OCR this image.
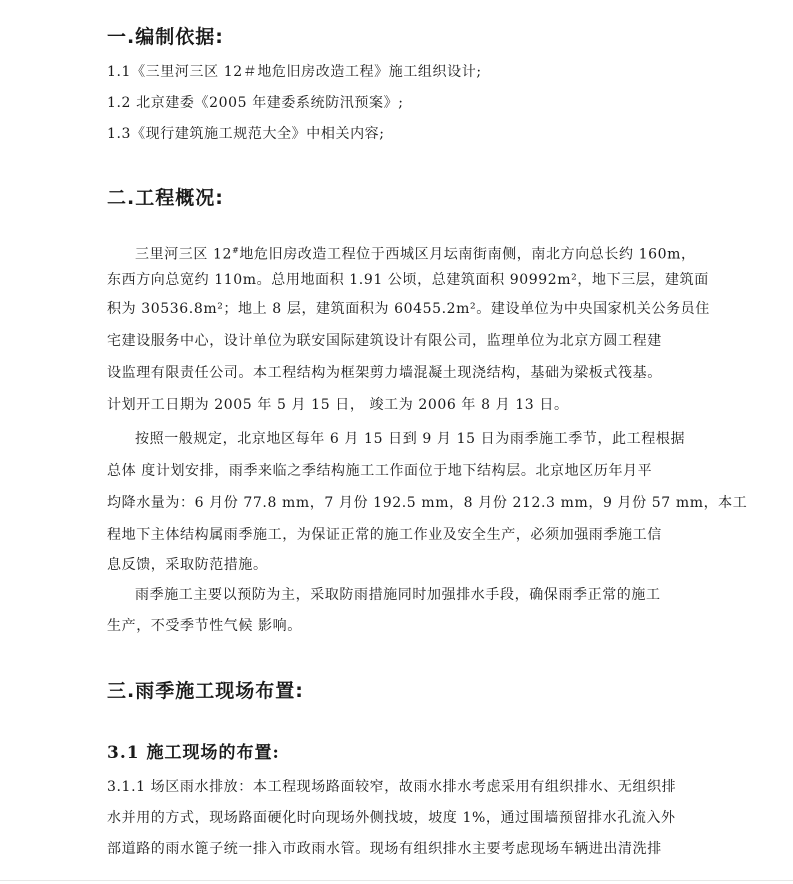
一.编制依据:
1.1《三里河三区 12＃地危旧房改造工程》施工组织设计;
1.2 北京建委《2005 年建委系统防汛预案》;
1.3《现行建筑施工规范大全》中相关内容;
二.工程概况:
三里河三区 12#地危旧房改造工程位于西城区月坛南街南侧，南北方向总长约 160m，
东西方向总宽约 110m。总用地面积 1.91 公顷，总建筑面积 90992m²，地下三层，建筑面
积为 30536.8m²；地上 8 层，建筑面积为 60455.2m²。建设单位为中央国家机关公务员住
宅建设服务中心，设计单位为联安国际建筑设计有限公司，监理单位为北京方圆工程建
设监理有限责任公司。本工程结构为框架剪力墙混凝土现浇结构，基础为梁板式筏基。
计划开工日期为 2005 年 5 月 15 日， 竣工为 2006 年 8 月 13 日。
按照一般规定，北京地区每年 6 月 15 日到 9 月 15 日为雨季施工季节，此工程根据
总体 度计划安排，雨季来临之季结构施工工作面位于地下结构层。北京地区历年月平
均降水量为：6 月份 77.8 mm，7 月份 192.5 mm，8 月份 212.3 mm，9 月份 57 mm，本工
程地下主体结构属雨季施工，为保证正常的施工作业及安全生产，必须加强雨季施工信
息反馈，采取防范措施。
雨季施工主要以预防为主，采取防雨措施同时加强排水手段，确保雨季正常的施工
生产，不受季节性气候 影响。
三.雨季施工现场布置:
3.1 施工现场的布置:
3.1.1 场区雨水排放：本工程现场路面较窄，故雨水排水考虑采用有组织排水、无组织排
水并用的方式，现场路面硬化时向现场外侧找坡，坡度 1%，通过围墙预留排水孔流入外
部道路的雨水篦子统一排入市政雨水管。现场有组织排水主要考虑现场车辆进出清洗排
